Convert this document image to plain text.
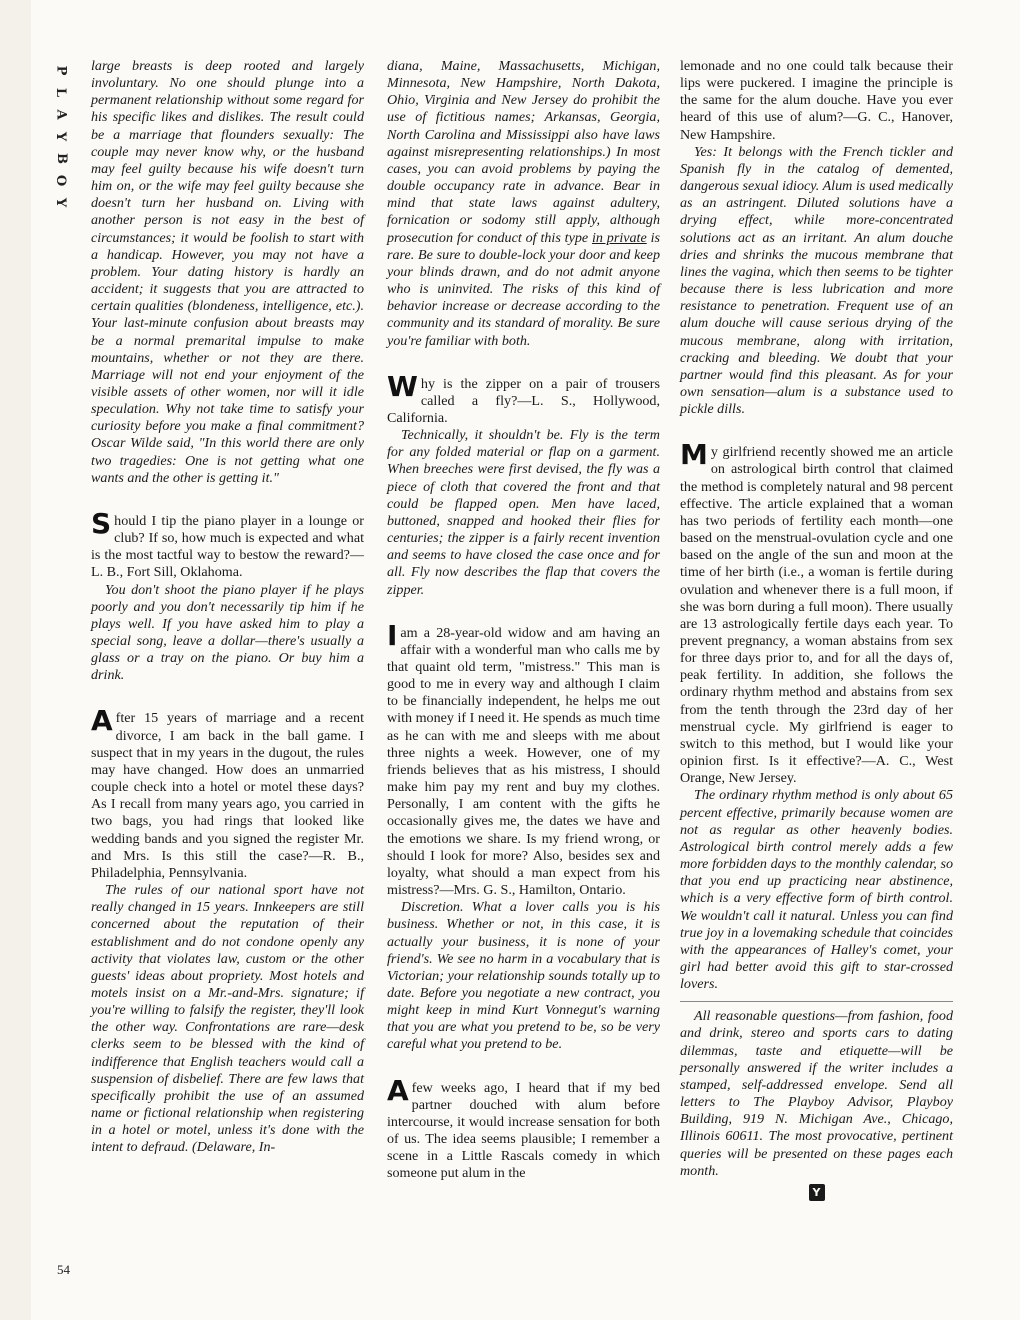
P
L
A
Y
B
O
Y
54

large breasts is deep rooted and largely involuntary. No one should plunge into a permanent relationship without some regard for his specific likes and dislikes. The result could be a marriage that flounders sexually: The couple may never know why, or the husband may feel guilty because his wife doesn't turn him on, or the wife may feel guilty because she doesn't turn her husband on. Living with another person is not easy in the best of circumstances; it would be foolish to start with a handicap. However, you may not have a problem. Your dating history is hardly an accident; it suggests that you are attracted to certain qualities (blondeness, intelligence, etc.). Your last-minute confusion about breasts may be a normal premarital impulse to make mountains, whether or not they are there. Marriage will not end your enjoyment of the visible assets of other women, nor will it idle speculation. Why not take time to satisfy your curiosity before you make a final commitment? Oscar Wilde said, "In this world there are only two tragedies: One is not getting what one wants and the other is getting it."

Should I tip the piano player in a lounge or club? If so, how much is expected and what is the most tactful way to bestow the reward?—L. B., Fort Sill, Oklahoma.

You don't shoot the piano player if he plays poorly and you don't necessarily tip him if he plays well. If you have asked him to play a special song, leave a dollar—there's usually a glass or a tray on the piano. Or buy him a drink.

After 15 years of marriage and a recent divorce, I am back in the ball game. I suspect that in my years in the dugout, the rules may have changed. How does an unmarried couple check into a hotel or motel these days? As I recall from many years ago, you carried in two bags, you had rings that looked like wedding bands and you signed the register Mr. and Mrs. Is this still the case?—R. B., Philadelphia, Pennsylvania.

The rules of our national sport have not really changed in 15 years. Innkeepers are still concerned about the reputation of their establishment and do not condone openly any activity that violates law, custom or the other guests' ideas about propriety. Most hotels and motels insist on a Mr.-and-Mrs. signature; if you're willing to falsify the register, they'll look the other way. Confrontations are rare—desk clerks seem to be blessed with the kind of indifference that English teachers would call a suspension of disbelief. There are few laws that specifically prohibit the use of an assumed name or fictional relationship when registering in a hotel or motel, unless it's done with the intent to defraud. (Delaware, In-

diana, Maine, Massachusetts, Michigan, Minnesota, New Hampshire, North Dakota, Ohio, Virginia and New Jersey do prohibit the use of fictitious names; Arkansas, Georgia, North Carolina and Mississippi also have laws against misrepresenting relationships.) In most cases, you can avoid problems by paying the double occupancy rate in advance. Bear in mind that state laws against adultery, fornication or sodomy still apply, although prosecution for conduct of this type in private is rare. Be sure to double-lock your door and keep your blinds drawn, and do not admit anyone who is uninvited. The risks of this kind of behavior increase or decrease according to the community and its standard of morality. Be sure you're familiar with both.

Why is the zipper on a pair of trousers called a fly?—L. S., Hollywood, California.

Technically, it shouldn't be. Fly is the term for any folded material or flap on a garment. When breeches were first devised, the fly was a piece of cloth that covered the front and that could be flapped open. Men have laced, buttoned, snapped and hooked their flies for centuries; the zipper is a fairly recent invention and seems to have closed the case once and for all. Fly now describes the flap that covers the zipper.

Iam a 28-year-old widow and am having an affair with a wonderful man who calls me by that quaint old term, "mistress." This man is good to me in every way and although I claim to be financially independent, he helps me out with money if I need it. He spends as much time as he can with me and sleeps with me about three nights a week. However, one of my friends believes that as his mistress, I should make him pay my rent and buy my clothes. Personally, I am content with the gifts he occasionally gives me, the dates we have and the emotions we share. Is my friend wrong, or should I look for more? Also, besides sex and loyalty, what should a man expect from his mistress?—Mrs. G. S., Hamilton, Ontario.

Discretion. What a lover calls you is his business. Whether or not, in this case, it is actually your business, it is none of your friend's. We see no harm in a vocabulary that is Victorian; your relationship sounds totally up to date. Before you negotiate a new contract, you might keep in mind Kurt Vonnegut's warning that you are what you pretend to be, so be very careful what you pretend to be.

Afew weeks ago, I heard that if my bed partner douched with alum before intercourse, it would increase sensation for both of us. The idea seems plausible; I remember a scene in a Little Rascals comedy in which someone put alum in the

lemonade and no one could talk because their lips were puckered. I imagine the principle is the same for the alum douche. Have you ever heard of this use of alum?—G. C., Hanover, New Hampshire.

Yes: It belongs with the French tickler and Spanish fly in the catalog of demented, dangerous sexual idiocy. Alum is used medically as an astringent. Diluted solutions have a drying effect, while more-concentrated solutions act as an irritant. An alum douche dries and shrinks the mucous membrane that lines the vagina, which then seems to be tighter because there is less lubrication and more resistance to penetration. Frequent use of an alum douche will cause serious drying of the mucous membrane, along with irritation, cracking and bleeding. We doubt that your partner would find this pleasant. As for your own sensation—alum is a substance used to pickle dills.

My girlfriend recently showed me an article on astrological birth control that claimed the method is completely natural and 98 percent effective. The article explained that a woman has two periods of fertility each month—one based on the menstrual-ovulation cycle and one based on the angle of the sun and moon at the time of her birth (i.e., a woman is fertile during ovulation and whenever there is a full moon, if she was born during a full moon). There usually are 13 astrologically fertile days each year. To prevent pregnancy, a woman abstains from sex for three days prior to, and for all the days of, peak fertility. In addition, she follows the ordinary rhythm method and abstains from sex from the tenth through the 23rd day of her menstrual cycle. My girlfriend is eager to switch to this method, but I would like your opinion first. Is it effective?—A. C., West Orange, New Jersey.

The ordinary rhythm method is only about 65 percent effective, primarily because women are not as regular as other heavenly bodies. Astrological birth control merely adds a few more forbidden days to the monthly calendar, so that you end up practicing near abstinence, which is a very effective form of birth control. We wouldn't call it natural. Unless you can find true joy in a lovemaking schedule that coincides with the appearances of Halley's comet, your girl had better avoid this gift to star-crossed lovers.

All reasonable questions—from fashion, food and drink, stereo and sports cars to dating dilemmas, taste and etiquette—will be personally answered if the writer includes a stamped, self-addressed envelope. Send all letters to The Playboy Advisor, Playboy Building, 919 N. Michigan Ave., Chicago, Illinois 60611. The most provocative, pertinent queries will be presented on these pages each month.

Y
